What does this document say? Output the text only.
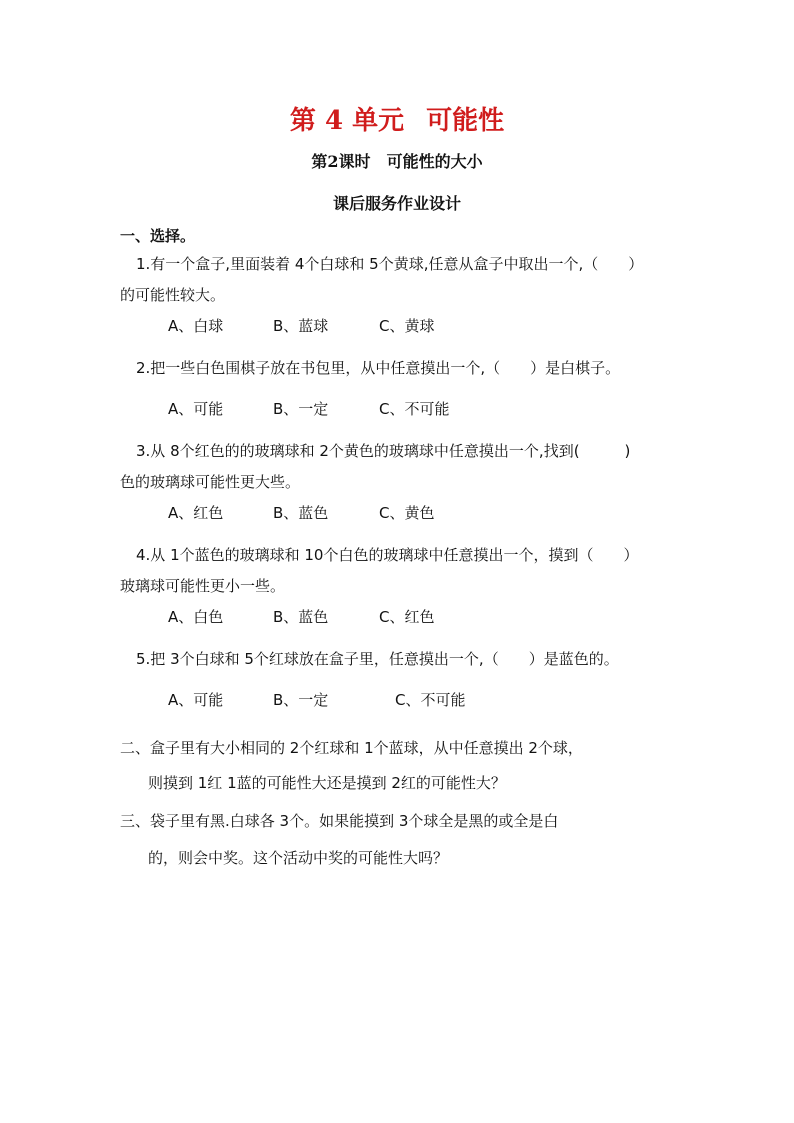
第 4 单元 可能性
第2课时 可能性的大小
课后服务作业设计
一、选择。
1.有一个盒子,里面装着 4个白球和 5个黄球,任意从盒子中取出一个,（　　）
的可能性较大。
A、白球	B、蓝球	C、黄球
2.把一些白色围棋子放在书包里，从中任意摸出一个,（　　）是白棋子。
A、可能	B、一定	C、不可能
3.从 8个红色的的玻璃球和 2个黄色的玻璃球中任意摸出一个,找到(　　　)
色的玻璃球可能性更大些。
A、红色	B、蓝色	C、黄色
4.从 1个蓝色的玻璃球和 10个白色的玻璃球中任意摸出一个，摸到（　　）
玻璃球可能性更小一些。
A、白色	B、蓝色	C、红色
5.把 3个白球和 5个红球放在盒子里，任意摸出一个,（　　）是蓝色的。
A、可能	B、一定	C、不可能
二、盒子里有大小相同的 2个红球和 1个蓝球，从中任意摸出 2个球，
则摸到 1红 1蓝的可能性大还是摸到 2红的可能性大？
三、袋子里有黑.白球各 3个。如果能摸到 3个球全是黑的或全是白
的，则会中奖。这个活动中奖的可能性大吗？
